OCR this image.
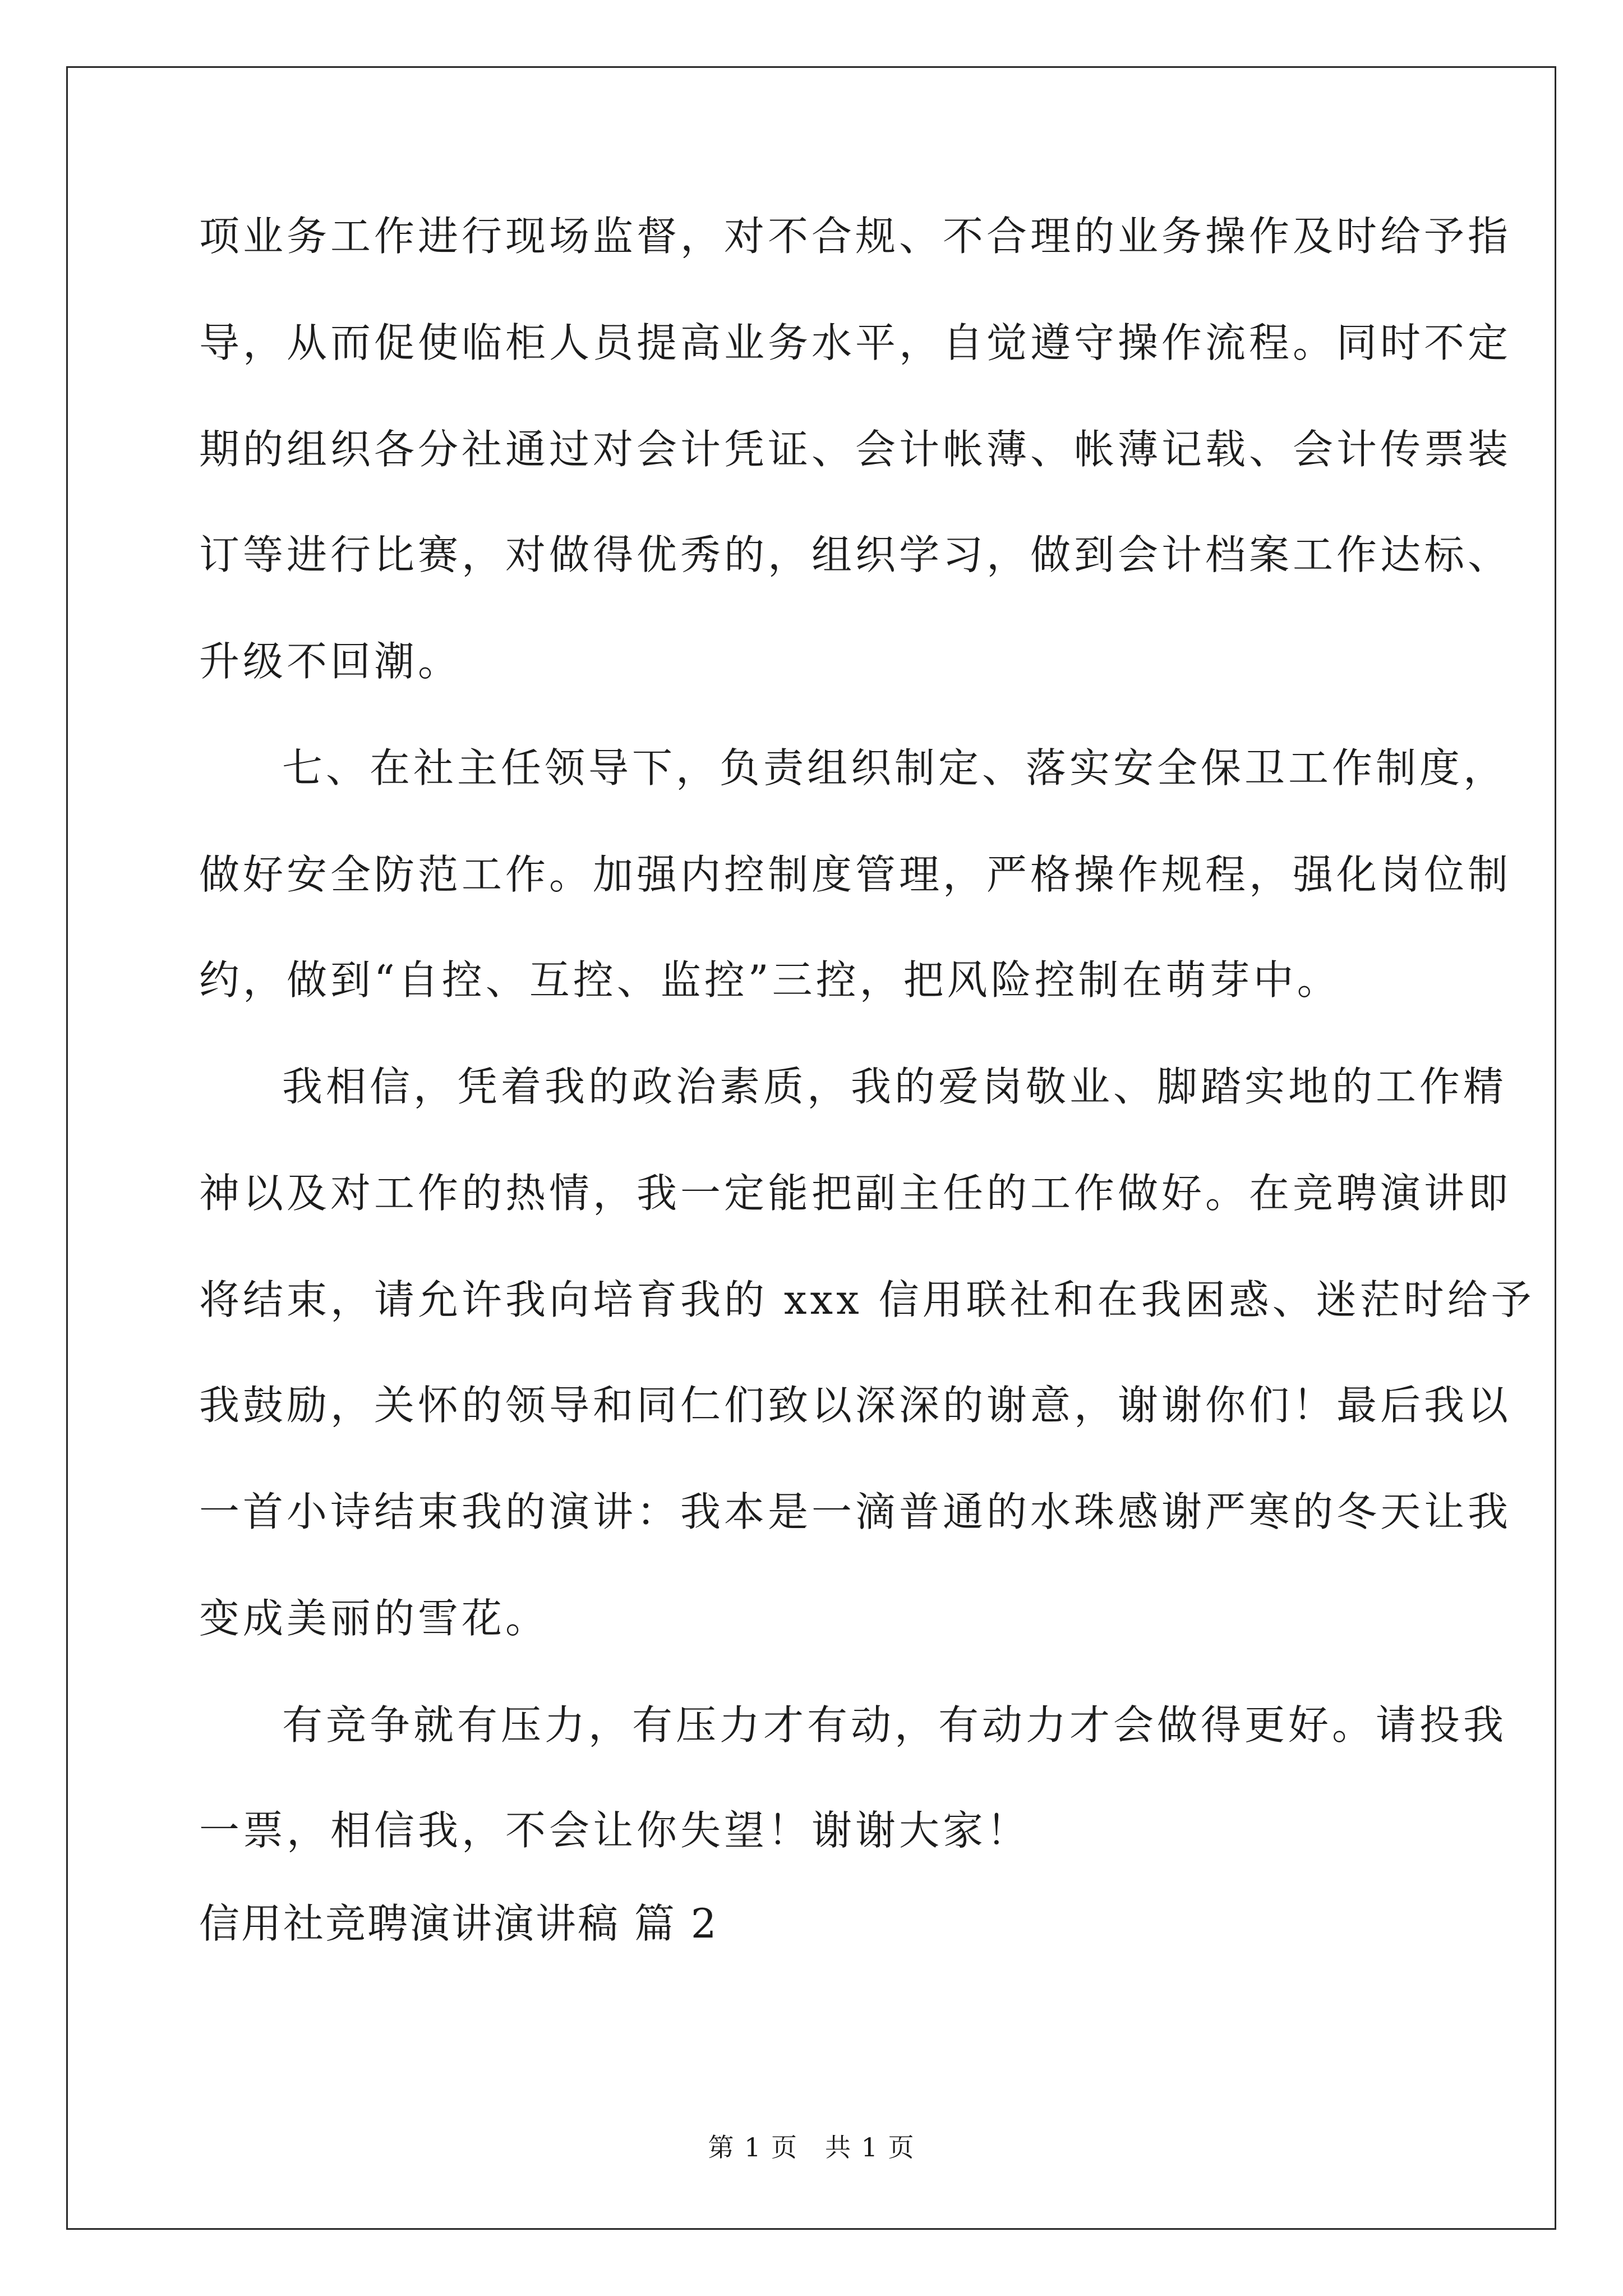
项业务工作进行现场监督，对不合规、不合理的业务操作及时给予指
导，从而促使临柜人员提高业务水平，自觉遵守操作流程。同时不定
期的组织各分社通过对会计凭证、会计帐薄、帐薄记载、会计传票装
订等进行比赛，对做得优秀的，组织学习，做到会计档案工作达标、
升级不回潮。
七、在社主任领导下，负责组织制定、落实安全保卫工作制度，
做好安全防范工作。加强内控制度管理，严格操作规程，强化岗位制
约，做到“自控、互控、监控”三控，把风险控制在萌芽中。
我相信，凭着我的政治素质，我的爱岗敬业、脚踏实地的工作精
神以及对工作的热情，我一定能把副主任的工作做好。在竞聘演讲即
将结束，请允许我向培育我的 xxx 信用联社和在我困惑、迷茫时给予
我鼓励，关怀的领导和同仁们致以深深的谢意，谢谢你们！最后我以
一首小诗结束我的演讲：我本是一滴普通的水珠感谢严寒的冬天让我
变成美丽的雪花。
有竞争就有压力，有压力才有动，有动力才会做得更好。请投我
一票，相信我，不会让你失望！谢谢大家！
信用社竞聘演讲演讲稿 篇 2
第 1 页　共 1 页
